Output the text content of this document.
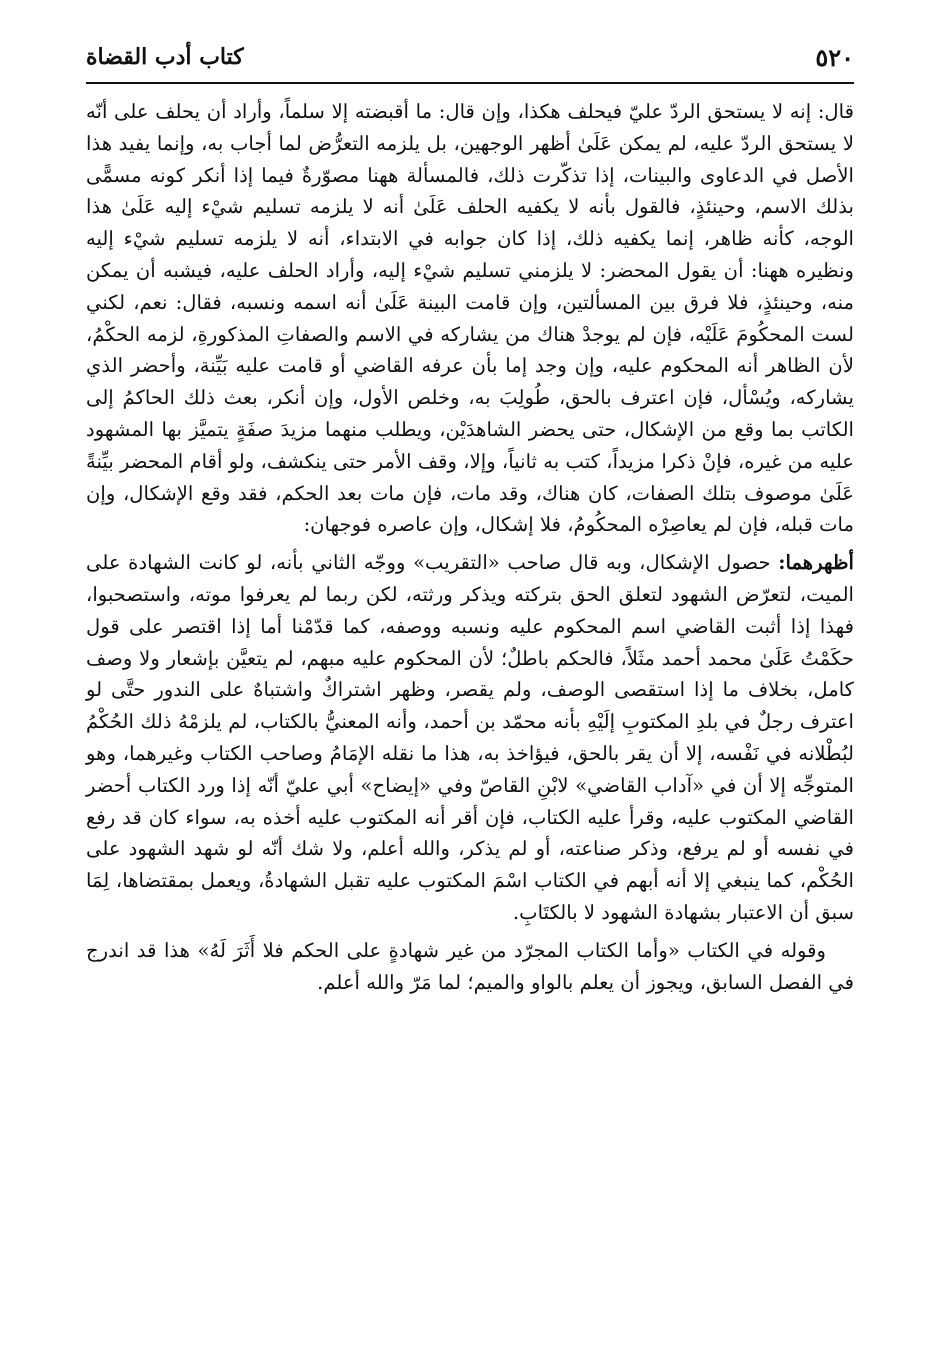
٥٢٠
كتاب أدب القضاة

قال: إنه لا يستحق الردّ عليّ فيحلف هكذا، وإن قال: ما أقبضته إلا سلماً، وأراد أن يحلف على أنّه لا يستحق الردّ عليه، لم يمكن عَلَىٰ أظهر الوجهين، بل يلزمه التعرُّض لما أجاب به، وإنما يفيد هذا الأصل في الدعاوى والبينات، إذا تذكّرت ذلك، فالمسألة ههنا مصوّرةٌ فيما إذا أنكر كونه مسمًّى بذلك الاسم، وحينئذٍ، فالقول بأنه لا يكفيه الحلف عَلَىٰ أنه لا يلزمه تسليم شيْء إليه عَلَىٰ هذا الوجه، كأنه ظاهر، إنما يكفيه ذلك، إذا كان جوابه في الابتداء، أنه لا يلزمه تسليم شيْء إليه ونظيره ههنا: أن يقول المحضر: لا يلزمني تسليم شيْء إليه، وأراد الحلف عليه، فيشبه أن يمكن منه، وحينئذٍ، فلا فرق بين المسألتين، وإن قامت البينة عَلَىٰ أنه اسمه ونسبه، فقال: نعم، لكني لست المحكُومَ عَلَيْه، فإن لم يوجدْ هناك من يشاركه في الاسم والصفاتِ المذكورةِ، لزمه الحكْمُ، لأن الظاهر أنه المحكوم عليه، وإن وجد إما بأن عرفه القاضي أو قامت عليه بَيِّنة، وأحضر الذي يشاركه، ويُسْأل، فإن اعترف بالحق، طُولِبَ به، وخلص الأول، وإن أنكر، بعث ذلك الحاكمُ إلى الكاتب بما وقع من الإشكال، حتى يحضر الشاهدَيْن، ويطلب منهما مزيدَ صفَةٍ يتميَّز بها المشهود عليه من غيره، فإنْ ذكرا مزيداً، كتب به ثانياً، وإلا، وقف الأمر حتى ينكشف، ولو أقام المحضر بيِّنةً عَلَىٰ موصوف بتلك الصفات، كان هناك، وقد مات، فإن مات بعد الحكم، فقد وقع الإشكال، وإن مات قبله، فإن لم يعاصِرْه المحكُومُ، فلا إشكال، وإن عاصره فوجهان:

أظهرهما: حصول الإشكال، وبه قال صاحب «التقريب» ووجّه الثاني بأنه، لو كانت الشهادة على الميت، لتعرّض الشهود لتعلق الحق بتركته ويذكر ورثته، لكن ربما لم يعرفوا موته، واستصحبوا، فهذا إذا أثبت القاضي اسم المحكوم عليه ونسبه ووصفه، كما قدّمْنا أما إذا اقتصر على قول حكَمْتُ عَلَىٰ محمد أحمد مثَلاً، فالحكم باطلٌ؛ لأن المحكوم عليه مبهم، لم يتعيَّن بإشعار ولا وصف كامل، بخلاف ما إذا استقصى الوصف، ولم يقصر، وظهر اشتراكٌ واشتباهٌ على الندور حتَّى لو اعترف رجلٌ في بلدِ المكتوبِ إلَيْهِ بأنه محمّد بن أحمد، وأنه المعنيُّ بالكتاب، لم يلزمْهُ ذلك الحُكْمُ لبُطْلانه في نَفْسه، إلا أن يقر بالحق، فيؤاخذ به، هذا ما نقله الإمَامُ وصاحب الكتاب وغيرهما، وهو المتوجِّه إلا أن في «آداب القاضي» لابْنِ القاصّ وفي «إيضاح» أبي عليّ أنّه إذا ورد الكتاب أحضر القاضي المكتوب عليه، وقرأ عليه الكتاب، فإن أقر أنه المكتوب عليه أخذه به، سواء كان قد رفع في نفسه أو لم يرفع، وذكر صناعته، أو لم يذكر، والله أعلم، ولا شك أنّه لو شهد الشهود على الحُكْم، كما ينبغي إلا أنه أبهم في الكتاب اسْمَ المكتوب عليه تقبل الشهادةُ، ويعمل بمقتضاها، لِمَا سبق أن الاعتبار بشهادة الشهود لا بالكتَابِ.

وقوله في الكتاب «وأما الكتاب المجرّد من غير شهادةٍ على الحكم فلا أَثَرَ لَهُ» هذا قد اندرج في الفصل السابق، ويجوز أن يعلم بالواو والميم؛ لما مَرّ والله أعلم.
